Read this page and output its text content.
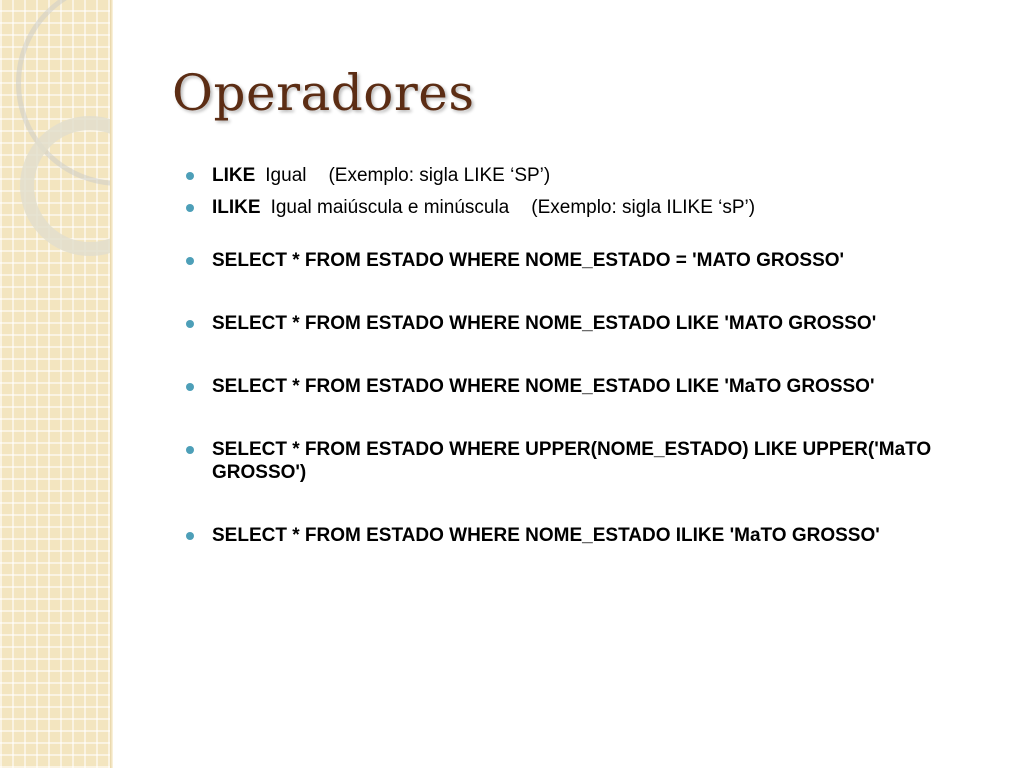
Operadores
LIKE Igual (Exemplo: sigla LIKE ‘SP’)
ILIKE Igual maiúscula e minúscula (Exemplo: sigla ILIKE ‘sP’)
SELECT * FROM ESTADO WHERE NOME_ESTADO = 'MATO GROSSO'
SELECT * FROM ESTADO WHERE NOME_ESTADO LIKE 'MATO GROSSO'
SELECT * FROM ESTADO WHERE NOME_ESTADO LIKE 'MaTO GROSSO'
SELECT * FROM ESTADO WHERE UPPER(NOME_ESTADO) LIKE UPPER('MaTO GROSSO')
SELECT * FROM ESTADO WHERE NOME_ESTADO ILIKE 'MaTO GROSSO'
